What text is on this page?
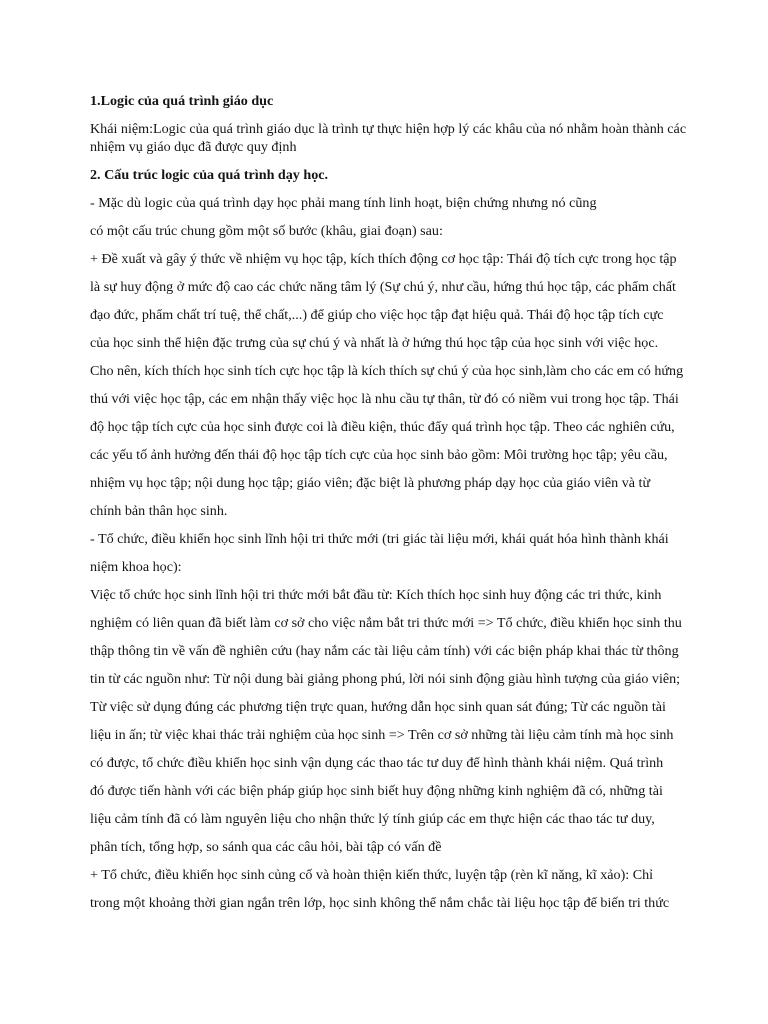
1.Logic của quá trình giáo dục
Khái niệm:Logic của quá trình giáo dục là trình tự thực hiện hợp lý các khâu của nó nhằm hoàn thành các
nhiệm vụ giáo dục đã được quy định
2. Cấu trúc logic của quá trình dạy học.
- Mặc dù logic của quá trình dạy học phải mang tính linh hoạt, biện chứng nhưng nó cũng
có một cấu trúc chung gồm một số bước (khâu, giai đoạn) sau:
+ Đề xuất và gây ý thức về nhiệm vụ học tập, kích thích động cơ học tập: Thái độ tích cực trong học tập
là sự huy động ở mức độ cao các chức năng tâm lý (Sự chú ý, như cầu, hứng thú học tập, các phẩm chất
đạo đức, phẩm chất trí tuệ, thể chất,...) để giúp cho việc học tập đạt hiệu quả. Thái độ học tập tích cực
của học sinh thể hiện đặc trưng của sự chú ý và nhất là ở hứng thú học tập của học sinh với việc học.
Cho nên, kích thích học sinh tích cực học tập là kích thích sự chú ý của học sinh,làm cho các em có hứng
thú với việc học tập, các em nhận thấy việc học là nhu cầu tự thân, từ đó có niềm vui trong học tập. Thái
độ học tập tích cực của học sinh được coi là điều kiện, thúc đẩy quá trình học tập. Theo các nghiên cứu,
các yếu tố ảnh hưởng đến thái độ học tập tích cực của học sinh bảo gồm: Môi trường học tập; yêu cầu,
nhiệm vụ học tập; nội dung học tập; giáo viên; đặc biệt là phương pháp dạy học của giáo viên và từ
chính bản thân học sinh.
- Tổ chức, điều khiển học sinh lĩnh hội tri thức mới (tri giác tài liệu mới, khái quát hóa hình thành khái
niệm khoa học):
Việc tổ chức học sinh lĩnh hội tri thức mới bắt đầu từ: Kích thích học sinh huy động các tri thức, kinh
nghiệm có liên quan đã biết làm cơ sở cho việc nắm bắt tri thức mới => Tổ chức, điều khiển học sinh thu
thập thông tin về vấn đề nghiên cứu (hay nắm các tài liệu cảm tính) với các biện pháp khai thác từ thông
tin từ các nguồn như: Từ nội dung bài giảng phong phú, lời nói sinh động giàu hình tượng của giáo viên;
Từ việc sử dụng đúng các phương tiện trực quan, hướng dẫn học sinh quan sát đúng; Từ các nguồn tài
liệu in ấn; từ việc khai thác trải nghiệm của học sinh => Trên cơ sở những tài liệu cảm tính mà học sinh
có được, tổ chức điều khiển học sinh vận dụng các thao tác tư duy để hình thành khái niệm. Quá trình
đó được tiến hành với các biện pháp giúp học sinh biết huy động những kinh nghiệm đã có, những tài
liệu cảm tính đã có làm nguyên liệu cho nhận thức lý tính giúp các em thực hiện các thao tác tư duy,
phân tích, tổng hợp, so sánh qua các câu hỏi, bài tập có vấn đề
+ Tổ chức, điều khiển học sinh củng cố và hoàn thiện kiến thức, luyện tập (rèn kĩ năng, kĩ xảo): Chỉ
trong một khoảng thời gian ngắn trên lớp, học sinh không thể nắm chắc tài liệu học tập để biến tri thức
